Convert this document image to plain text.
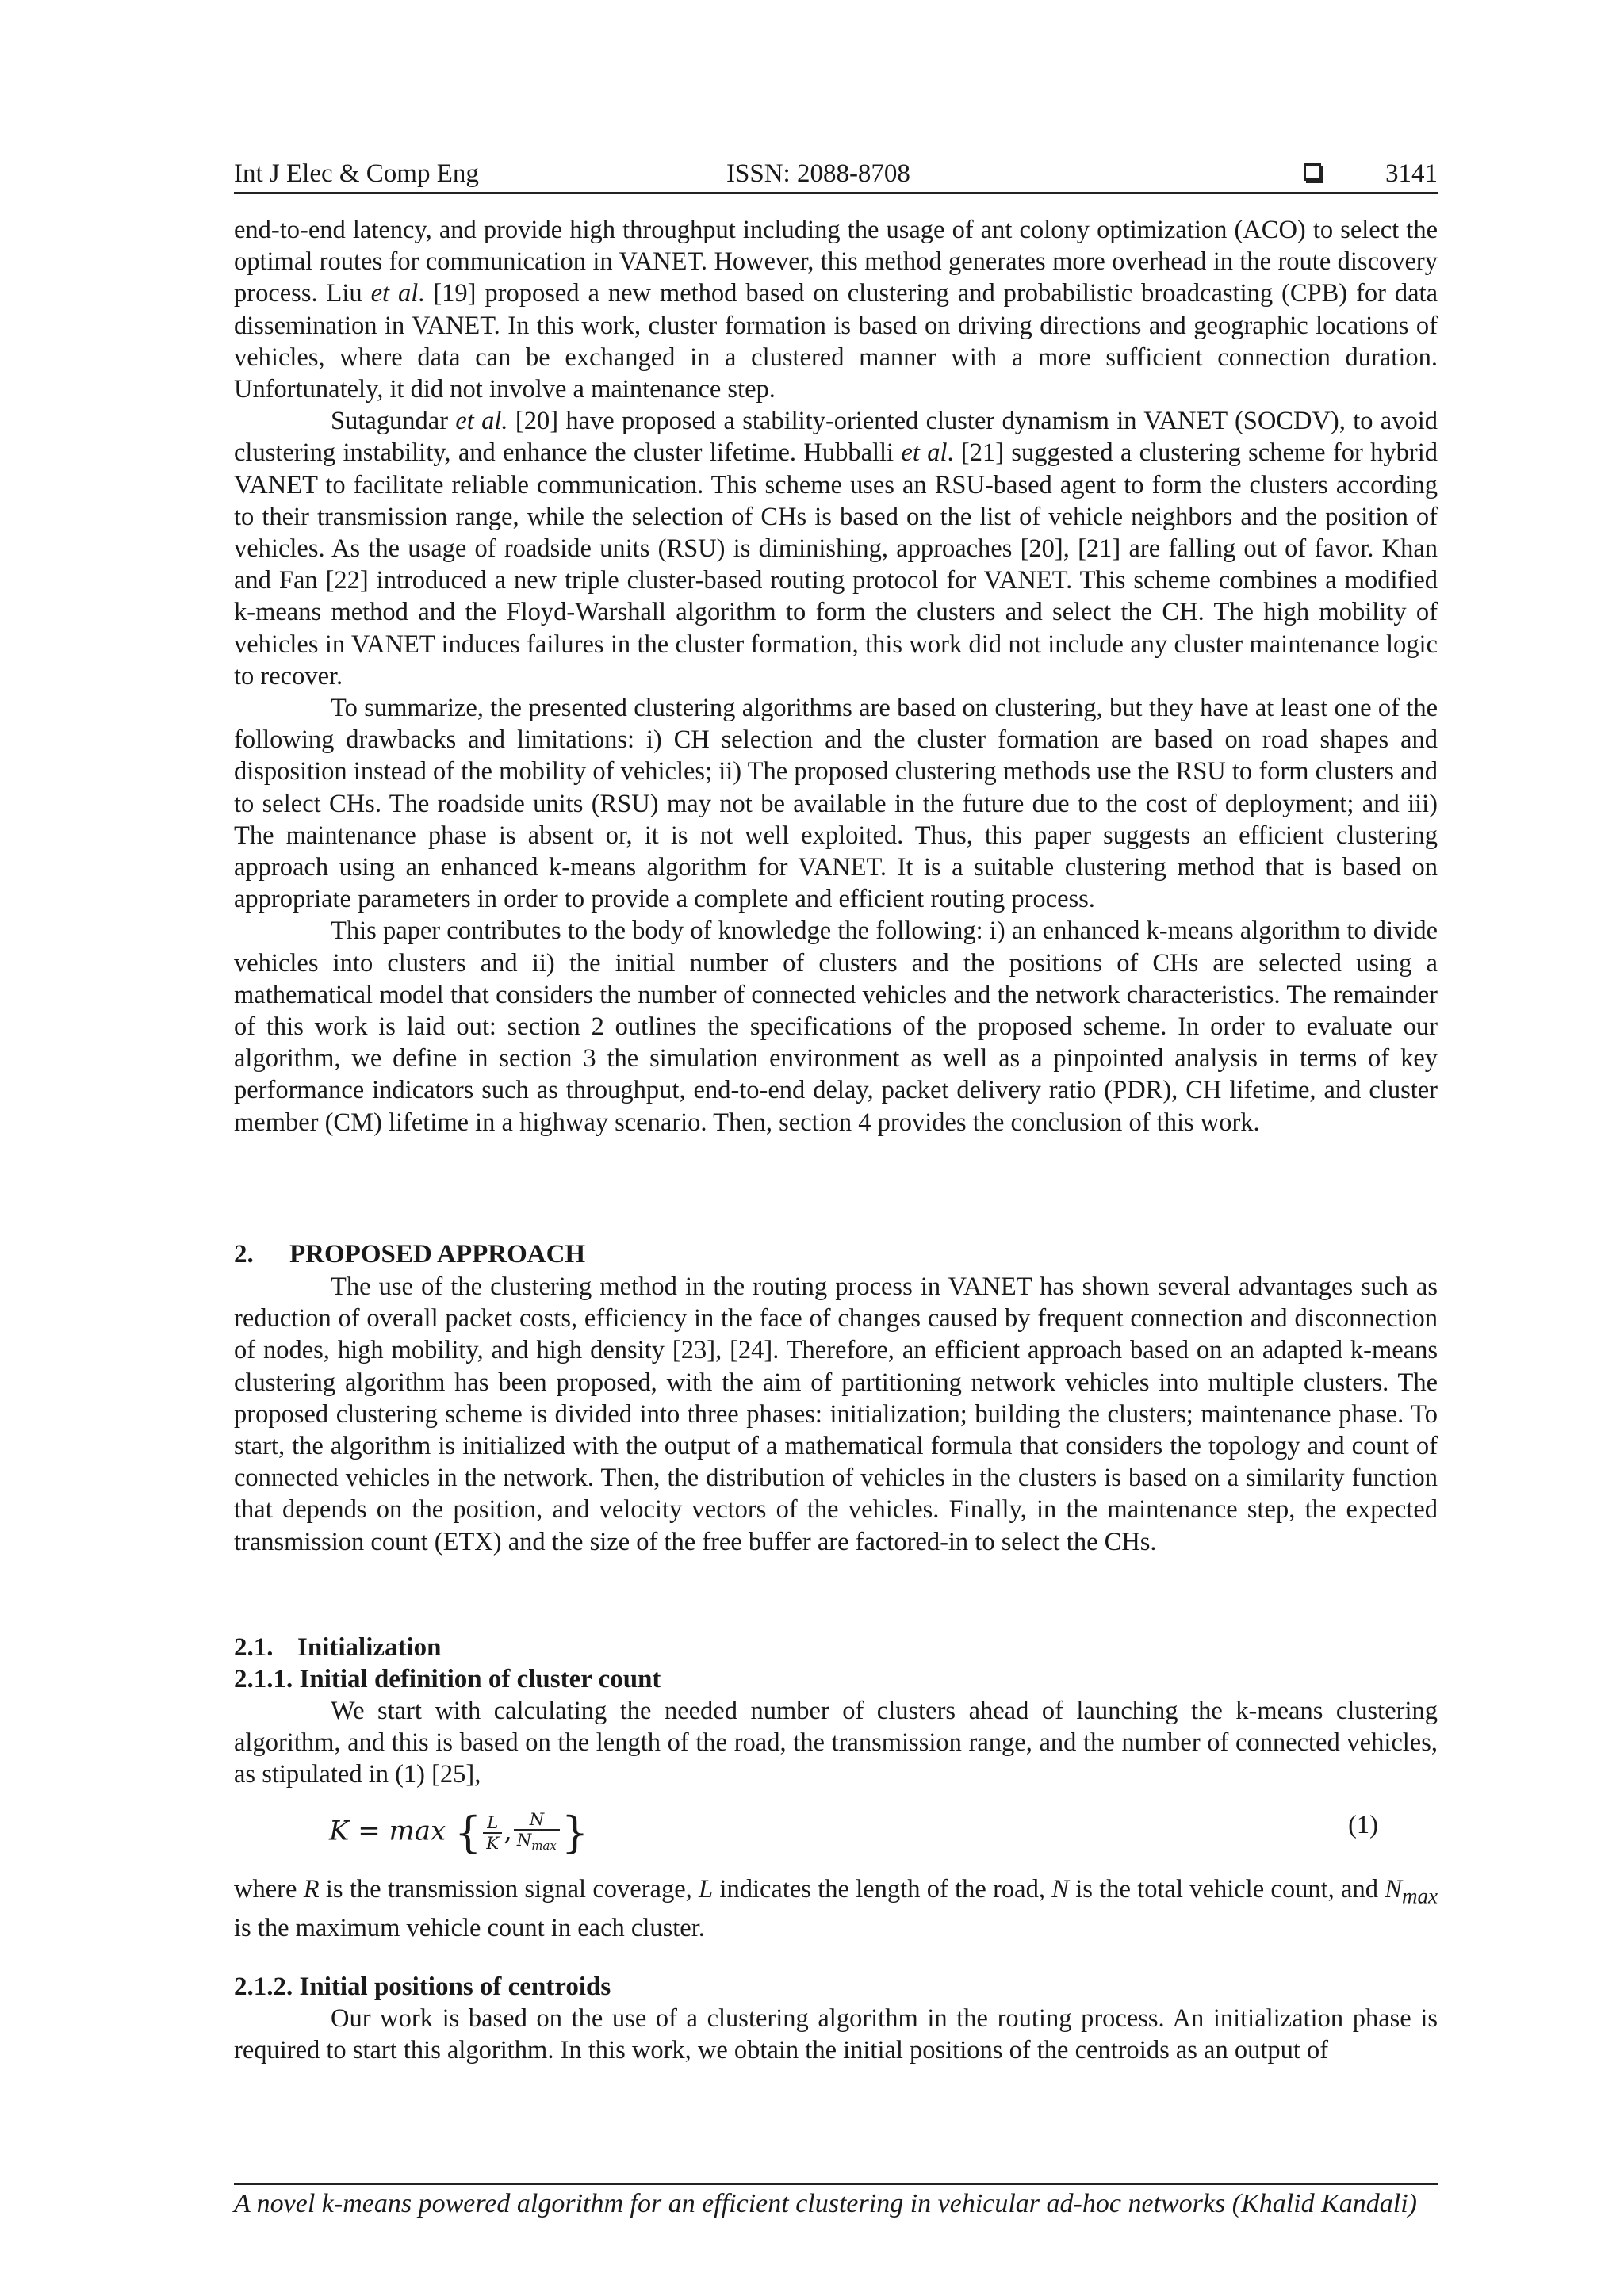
Int J Elec & Comp Eng	ISSN: 2088-8708	3141

end-to-end latency, and provide high throughput including the usage of ant colony optimization (ACO) to select the optimal routes for communication in VANET. However, this method generates more overhead in the route discovery process. Liu et al. [19] proposed a new method based on clustering and probabilistic broadcasting (CPB) for data dissemination in VANET. In this work, cluster formation is based on driving directions and geographic locations of vehicles, where data can be exchanged in a clustered manner with a more sufficient connection duration. Unfortunately, it did not involve a maintenance step.

Sutagundar et al. [20] have proposed a stability-oriented cluster dynamism in VANET (SOCDV), to avoid clustering instability, and enhance the cluster lifetime. Hubballi et al. [21] suggested a clustering scheme for hybrid VANET to facilitate reliable communication. This scheme uses an RSU-based agent to form the clusters according to their transmission range, while the selection of CHs is based on the list of vehicle neighbors and the position of vehicles. As the usage of roadside units (RSU) is diminishing, approaches [20], [21] are falling out of favor. Khan and Fan [22] introduced a new triple cluster-based routing protocol for VANET. This scheme combines a modified k-means method and the Floyd-Warshall algorithm to form the clusters and select the CH. The high mobility of vehicles in VANET induces failures in the cluster formation, this work did not include any cluster maintenance logic to recover.

To summarize, the presented clustering algorithms are based on clustering, but they have at least one of the following drawbacks and limitations: i) CH selection and the cluster formation are based on road shapes and disposition instead of the mobility of vehicles; ii) The proposed clustering methods use the RSU to form clusters and to select CHs. The roadside units (RSU) may not be available in the future due to the cost of deployment; and iii) The maintenance phase is absent or, it is not well exploited. Thus, this paper suggests an efficient clustering approach using an enhanced k-means algorithm for VANET. It is a suitable clustering method that is based on appropriate parameters in order to provide a complete and efficient routing process.

This paper contributes to the body of knowledge the following: i) an enhanced k-means algorithm to divide vehicles into clusters and ii) the initial number of clusters and the positions of CHs are selected using a mathematical model that considers the number of connected vehicles and the network characteristics. The remainder of this work is laid out: section 2 outlines the specifications of the proposed scheme. In order to evaluate our algorithm, we define in section 3 the simulation environment as well as a pinpointed analysis in terms of key performance indicators such as throughput, end-to-end delay, packet delivery ratio (PDR), CH lifetime, and cluster member (CM) lifetime in a highway scenario. Then, section 4 provides the conclusion of this work.

2. PROPOSED APPROACH

The use of the clustering method in the routing process in VANET has shown several advantages such as reduction of overall packet costs, efficiency in the face of changes caused by frequent connection and disconnection of nodes, high mobility, and high density [23], [24]. Therefore, an efficient approach based on an adapted k-means clustering algorithm has been proposed, with the aim of partitioning network vehicles into multiple clusters. The proposed clustering scheme is divided into three phases: initialization; building the clusters; maintenance phase. To start, the algorithm is initialized with the output of a mathematical formula that considers the topology and count of connected vehicles in the network. Then, the distribution of vehicles in the clusters is based on a similarity function that depends on the position, and velocity vectors of the vehicles. Finally, in the maintenance step, the expected transmission count (ETX) and the size of the free buffer are factored-in to select the CHs.

2.1. Initialization
2.1.1. Initial definition of cluster count

We start with calculating the needed number of clusters ahead of launching the k-means clustering algorithm, and this is based on the length of the road, the transmission range, and the number of connected vehicles, as stipulated in (1) [25],

K = max { $\frac{L}{K}$ , $\frac{N}{N_{max}}$ }	(1)

where R is the transmission signal coverage, L indicates the length of the road, N is the total vehicle count, and $N_{max}$ is the maximum vehicle count in each cluster.

2.1.2. Initial positions of centroids

Our work is based on the use of a clustering algorithm in the routing process. An initialization phase is required to start this algorithm. In this work, we obtain the initial positions of the centroids as an output of

A novel k-means powered algorithm for an efficient clustering in vehicular ad-hoc networks (Khalid Kandali)
